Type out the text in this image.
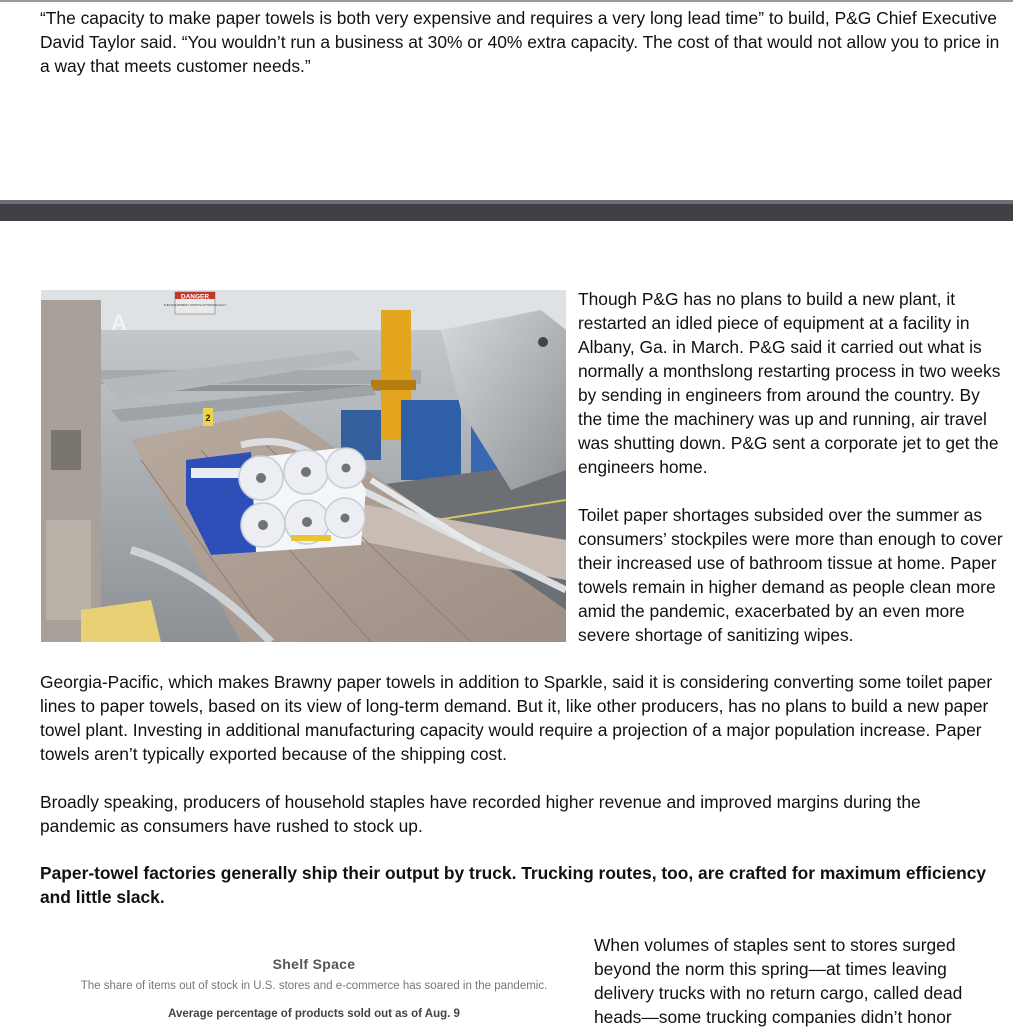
“The capacity to make paper towels is both very expensive and requires a very long lead time” to build, P&G Chief Executive David Taylor said. “You wouldn’t run a business at 30% or 40% extra capacity. The cost of that would not allow you to price in a way that meets customer needs.”

DANGER
THIS EQUIPMENT STARTS AUTOMATICALLY
A
2

Though P&G has no plans to build a new plant, it restarted an idled piece of equipment at a facility in Albany, Ga. in March. P&G said it carried out what is normally a monthslong restarting process in two weeks by sending in engineers from around the country. By the time the machinery was up and running, air travel was shutting down. P&G sent a corporate jet to get the engineers home.

Toilet paper shortages subsided over the summer as consumers’ stockpiles were more than enough to cover their increased use of bathroom tissue at home. Paper towels remain in higher demand as people clean more amid the pandemic, exacerbated by an even more severe shortage of sanitizing wipes.

Georgia-Pacific, which makes Brawny paper towels in addition to Sparkle, said it is considering converting some toilet paper lines to paper towels, based on its view of long-term demand. But it, like other producers, has no plans to build a new paper towel plant. Investing in additional manufacturing capacity would require a projection of a major population increase. Paper towels aren’t typically exported because of the shipping cost.

Broadly speaking, producers of household staples have recorded higher revenue and improved margins during the pandemic as consumers have rushed to stock up.

Paper-towel factories generally ship their output by truck. Trucking routes, too, are crafted for maximum efficiency and little slack.

Shelf Space
The share of items out of stock in U.S. stores and e-commerce has soared in the pandemic.
Average percentage of products sold out as of Aug. 9

When volumes of staples sent to stores surged beyond the norm this spring—at times leaving delivery trucks with no return cargo, called dead heads—some trucking companies didn’t honor
